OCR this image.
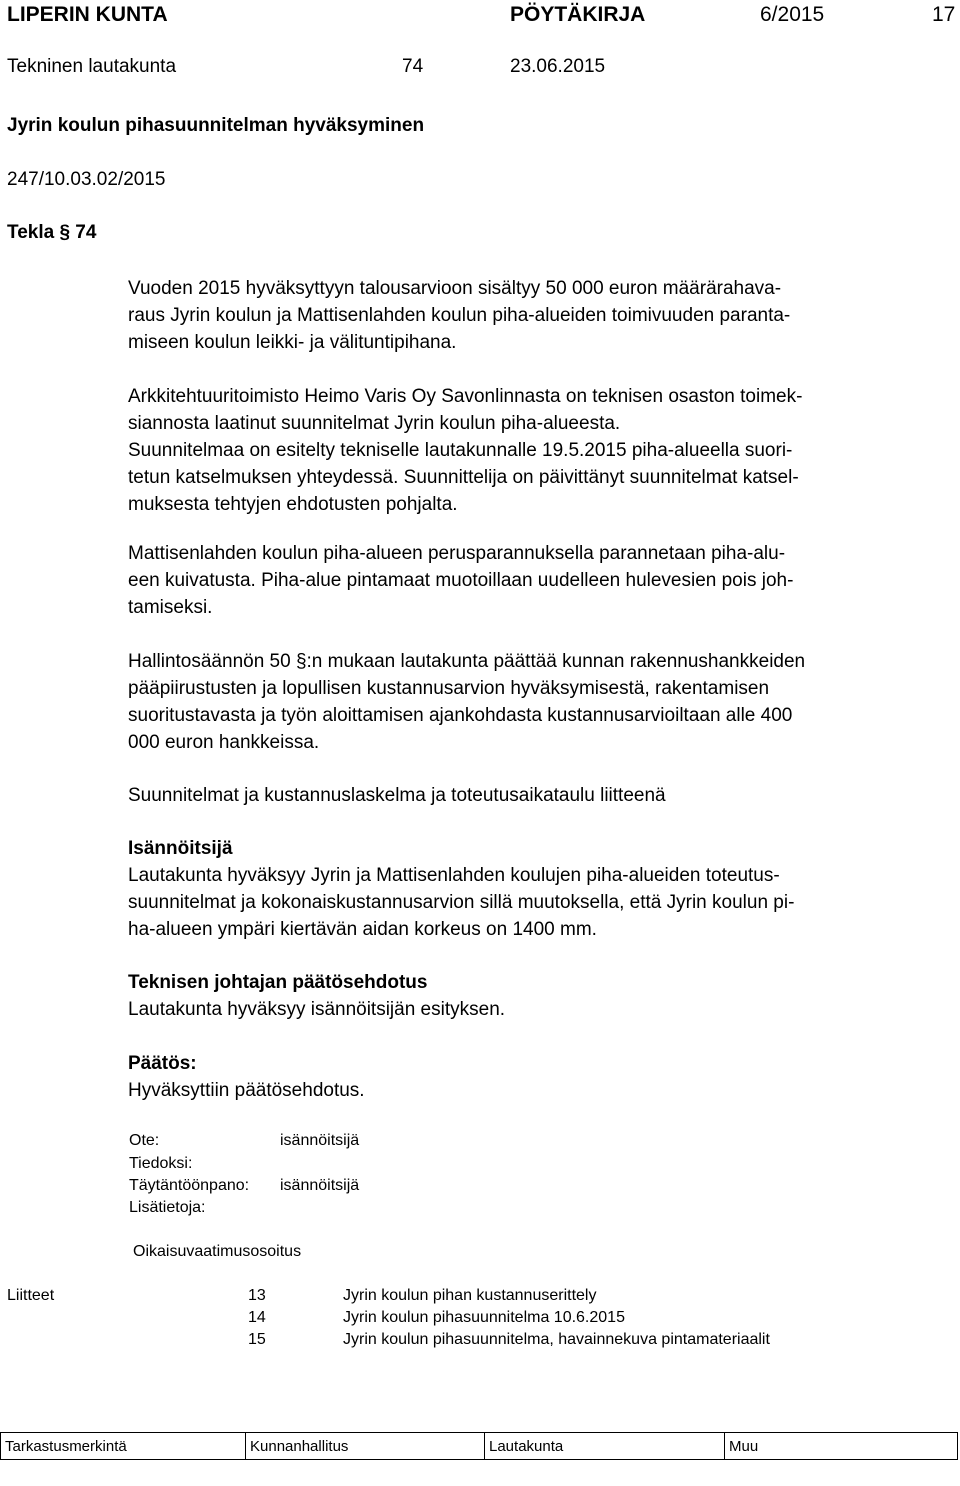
LIPERIN KUNTA	PÖYTÄKIRJA	6/2015	17
Tekninen lautakunta	74	23.06.2015
Jyrin koulun pihasuunnitelman hyväksyminen
247/10.03.02/2015
Tekla § 74
Vuoden 2015 hyväksyttyyn talousarvioon sisältyy 50 000 euron määrärahava-
raus Jyrin koulun ja Mattisenlahden koulun piha-alueiden toimivuuden paranta-
miseen koulun leikki- ja välituntipihana.
Arkkitehtuuritoimisto Heimo Varis Oy Savonlinnasta on teknisen osaston toimek-
siannosta laatinut suunnitelmat Jyrin koulun piha-alueesta.
Suunnitelmaa on esitelty tekniselle lautakunnalle 19.5.2015 piha-alueella suori-
tetun katselmuksen yhteydessä. Suunnittelija on päivittänyt suunnitelmat katsel-
muksesta tehtyjen ehdotusten pohjalta.
Mattisenlahden koulun piha-alueen perusparannuksella parannetaan piha-alu-
een kuivatusta. Piha-alue pintamaat muotoillaan uudelleen hulevesien pois joh-
tamiseksi.
Hallintosäännön 50 §:n mukaan lautakunta päättää kunnan rakennushankkeiden
pääpiirustusten ja lopullisen kustannusarvion hyväksymisestä, rakentamisen
suoritustavasta ja työn aloittamisen ajankohdasta kustannusarvioiltaan alle 400
000 euron hankkeissa.
Suunnitelmat ja kustannuslaskelma ja toteutusaikataulu liitteenä
Isännöitsijä
Lautakunta hyväksyy Jyrin ja Mattisenlahden koulujen piha-alueiden toteutus-
suunnitelmat ja kokonaiskustannusarvion sillä muutoksella, että Jyrin koulun pi-
ha-alueen ympäri kiertävän aidan korkeus on 1400 mm.
Teknisen johtajan päätösehdotus
Lautakunta hyväksyy isännöitsijän esityksen.
Päätös:
Hyväksyttiin päätösehdotus.
Ote:	isännöitsijä
Tiedoksi:
Täytäntöönpano: isännöitsijä
Lisätietoja:
Oikaisuvaatimusosoitus
Liitteet	13	Jyrin koulun pihan kustannuserittely
14	Jyrin koulun pihasuunnitelma 10.6.2015
15	Jyrin koulun pihasuunnitelma, havainnekuva pintamateriaalit
Tarkastusmerkintä	Kunnanhallitus	Lautakunta	Muu
